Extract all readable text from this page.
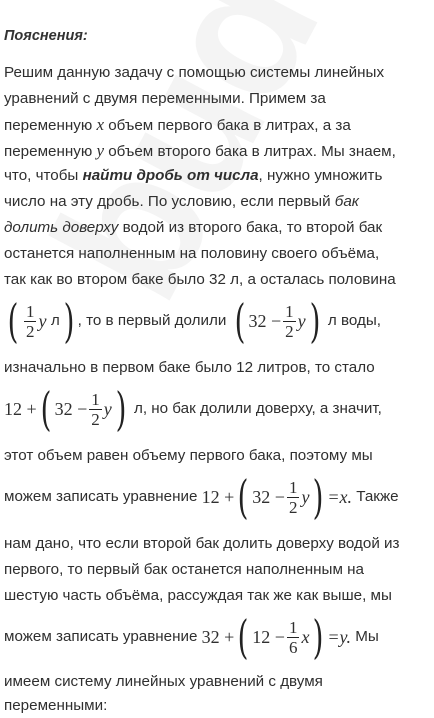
Пояснения:
Решим данную задачу с помощью системы линейных
уравнений с двумя переменными. Примем за
переменную x объем первого бака в литрах, а за
переменную y объем второго бака в литрах. Мы знаем,
что, чтобы найти дробь от числа, нужно умножить
число на эту дробь. По условию, если первый бак
долить доверху водой из второго бака, то второй бак
останется наполненным на половину своего объёма,
так как во втором баке было 32 л, а осталась половина
( $\frac{1}{2}$ y
л ) , то в первый долили ( 32
− $\frac{1}{2}$ y ) л воды,
изначально в первом баке было 12 литров, то стало
12
+ ( 32
− $\frac{1}{2}$ y ) л, но бак долили доверху, а значит,
этот объем равен объему первого бака, поэтому мы
можем записать уравнение 12
+ ( 32
− $\frac{1}{2}$ y ) =x. Также
нам дано, что если второй бак долить доверху водой из
первого, то первый бак останется наполненным на
шестую часть объёма, рассуждая так же как выше, мы
можем записать уравнение 32
+ ( 12
− $\frac{1}{6}$ x ) =y. Мы
имеем систему линейных уравнений с двумя
переменными:
